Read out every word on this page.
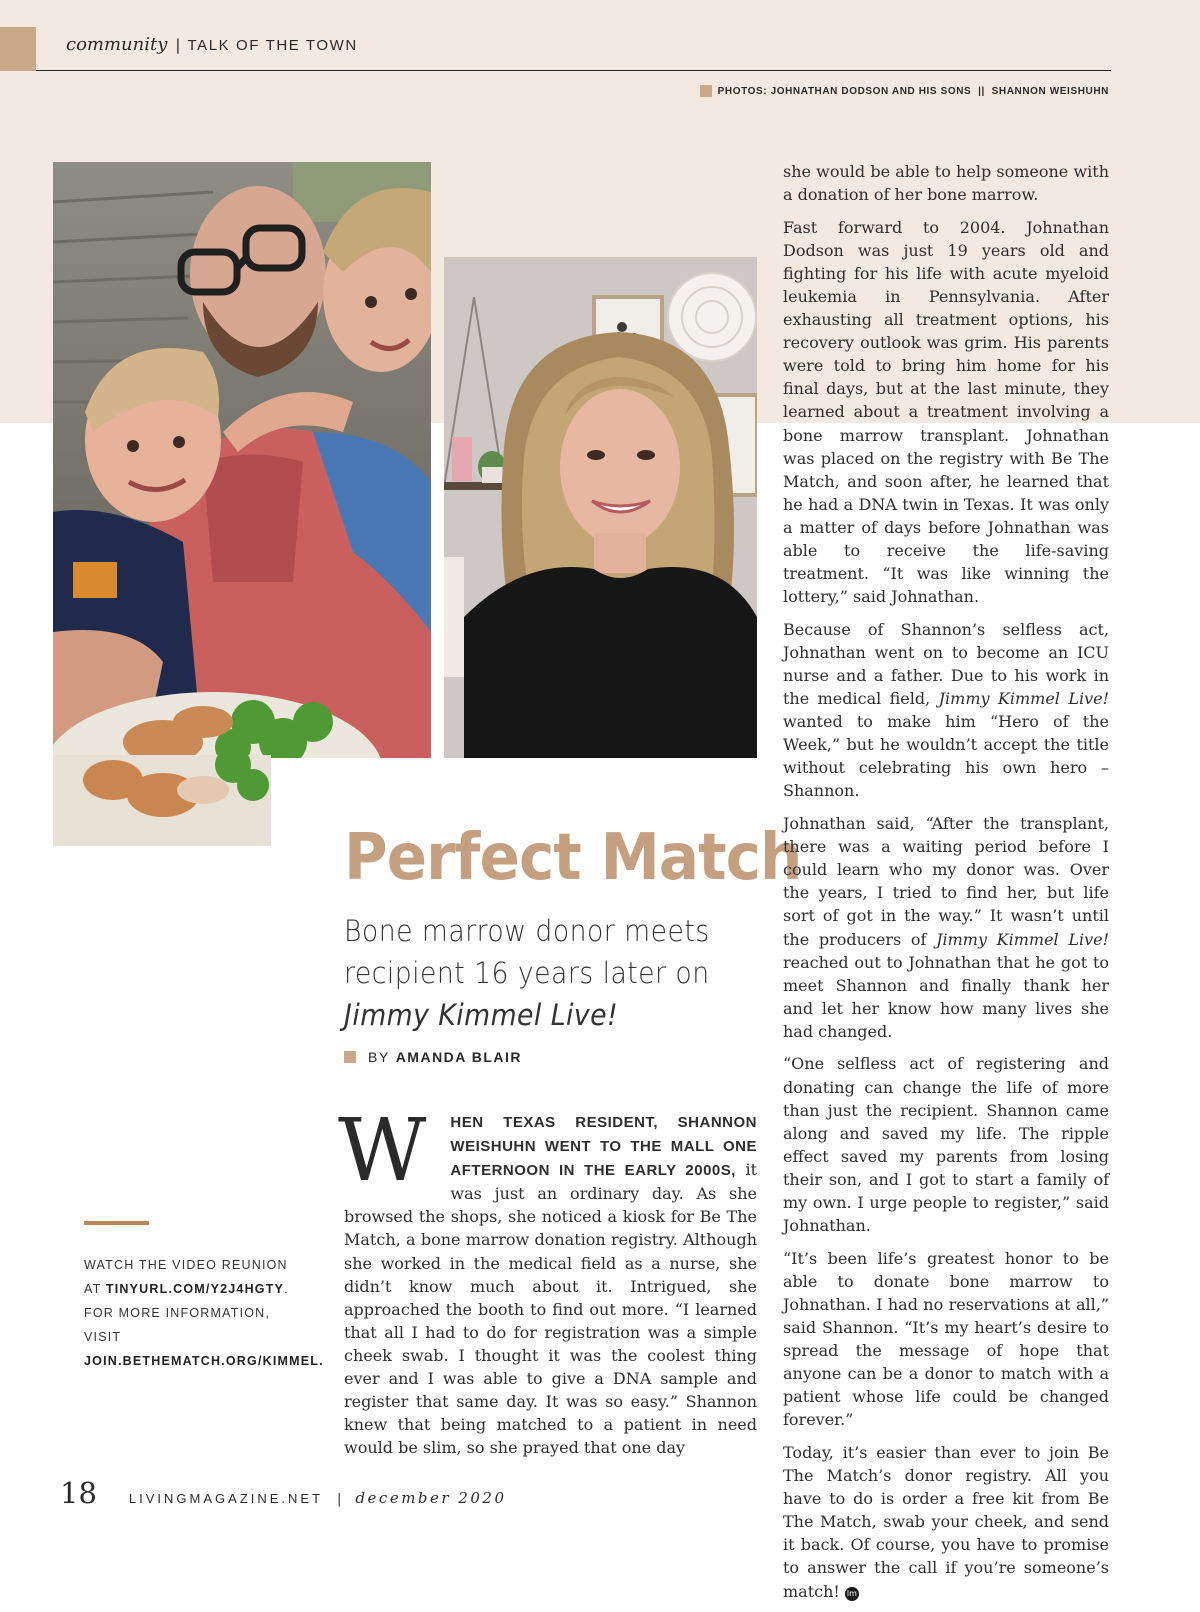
community | TALK OF THE TOWN
PHOTOS: JOHNATHAN DODSON AND HIS SONS  ||  SHANNON WEISHUHN
Perfect Match
Bone marrow donor meets recipient 16 years later on
Jimmy Kimmel Live!
BY AMANDA BLAIR

W HEN TEXAS RESIDENT, SHANNON WEISHUHN WENT TO THE MALL ONE AFTERNOON IN THE EARLY 2000S, it was just an ordinary day. As she browsed the shops, she noticed a kiosk for Be The Match, a bone marrow donation registry. Although she worked in the medical field as a nurse, she didn’t know much about it. Intrigued, she approached the booth to find out more. “I learned that all I had to do for registration was a simple cheek swab. I thought it was the coolest thing ever and I was able to give a DNA sample and register that same day. It was so easy.” Shannon knew that being matched to a patient in need would be slim, so she prayed that one day

she would be able to help someone with a donation of her bone marrow.

Fast forward to 2004. Johnathan Dodson was just 19 years old and fighting for his life with acute myeloid leukemia in Pennsylvania. After exhausting all treatment options, his recovery outlook was grim. His parents were told to bring him home for his final days, but at the last minute, they learned about a treatment involving a bone marrow transplant. Johnathan was placed on the registry with Be The Match, and soon after, he learned that he had a DNA twin in Texas. It was only a matter of days before Johnathan was able to receive the life-saving treatment. “It was like winning the lottery,” said Johnathan.

Because of Shannon’s selfless act, Johnathan went on to become an ICU nurse and a father. Due to his work in the medical field, Jimmy Kimmel Live! wanted to make him “Hero of the Week,” but he wouldn’t accept the title without celebrating his own hero – Shannon.

Johnathan said, “After the transplant, there was a waiting period before I could learn who my donor was. Over the years, I tried to find her, but life sort of got in the way.” It wasn’t until the producers of Jimmy Kimmel Live! reached out to Johnathan that he got to meet Shannon and finally thank her and let her know how many lives she had changed.

“One selfless act of registering and donating can change the life of more than just the recipient. Shannon came along and saved my life. The ripple effect saved my parents from losing their son, and I got to start a family of my own. I urge people to register,” said Johnathan.

“It’s been life’s greatest honor to be able to donate bone marrow to Johnathan. I had no reservations at all,” said Shannon. “It’s my heart’s desire to spread the message of hope that anyone can be a donor to match with a patient whose life could be changed forever.”

Today, it’s easier than ever to join Be The Match’s donor registry. All you have to do is order a free kit from Be The Match, swab your cheek, and send it back. Of course, you have to promise to answer the call if you’re someone’s match! lm

WATCH THE VIDEO REUNION AT TINYURL.COM/Y2J4HGTY. FOR MORE INFORMATION, VISIT JOIN.BETHEMATCH.ORG/KIMMEL.
18 LIVINGMAGAZINE.NET | december 2020
